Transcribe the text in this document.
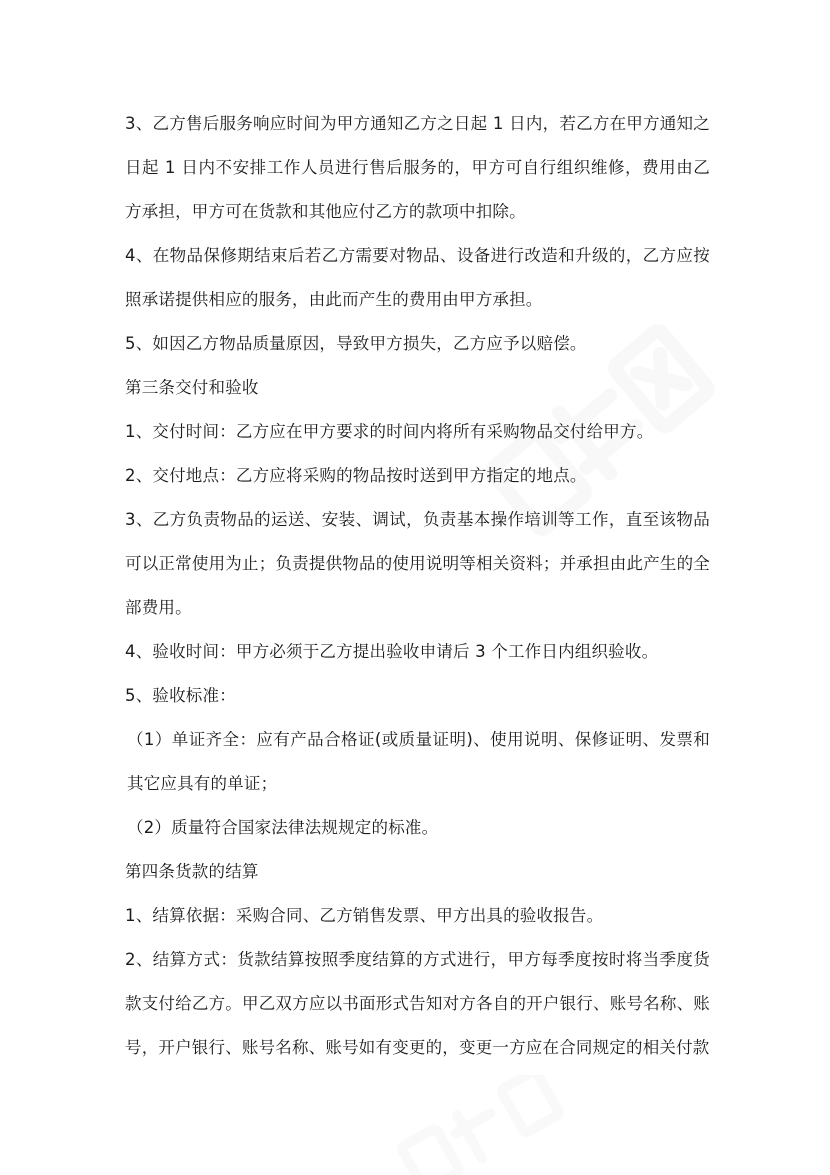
3、乙方售后服务响应时间为甲方通知乙方之日起 1 日内，若乙方在甲方通知之日起 1 日内不安排工作人员进行售后服务的，甲方可自行组织维修，费用由乙方承担，甲方可在货款和其他应付乙方的款项中扣除。

4、在物品保修期结束后若乙方需要对物品、设备进行改造和升级的，乙方应按照承诺提供相应的服务，由此而产生的费用由甲方承担。

5、如因乙方物品质量原因，导致甲方损失，乙方应予以赔偿。

第三条交付和验收

1、交付时间：乙方应在甲方要求的时间内将所有采购物品交付给甲方。

2、交付地点：乙方应将采购的物品按时送到甲方指定的地点。

3、乙方负责物品的运送、安装、调试，负责基本操作培训等工作，直至该物品可以正常使用为止；负责提供物品的使用说明等相关资料；并承担由此产生的全部费用。

4、验收时间：甲方必须于乙方提出验收申请后 3 个工作日内组织验收。

5、验收标准：

（1）单证齐全：应有产品合格证(或质量证明)、使用说明、保修证明、发票和其它应具有的单证；

（2）质量符合国家法律法规规定的标准。

第四条货款的结算

1、结算依据：采购合同、乙方销售发票、甲方出具的验收报告。

2、结算方式：货款结算按照季度结算的方式进行，甲方每季度按时将当季度货款支付给乙方。甲乙双方应以书面形式告知对方各自的开户银行、账号名称、账号，开户银行、账号名称、账号如有变更的，变更一方应在合同规定的相关付款
